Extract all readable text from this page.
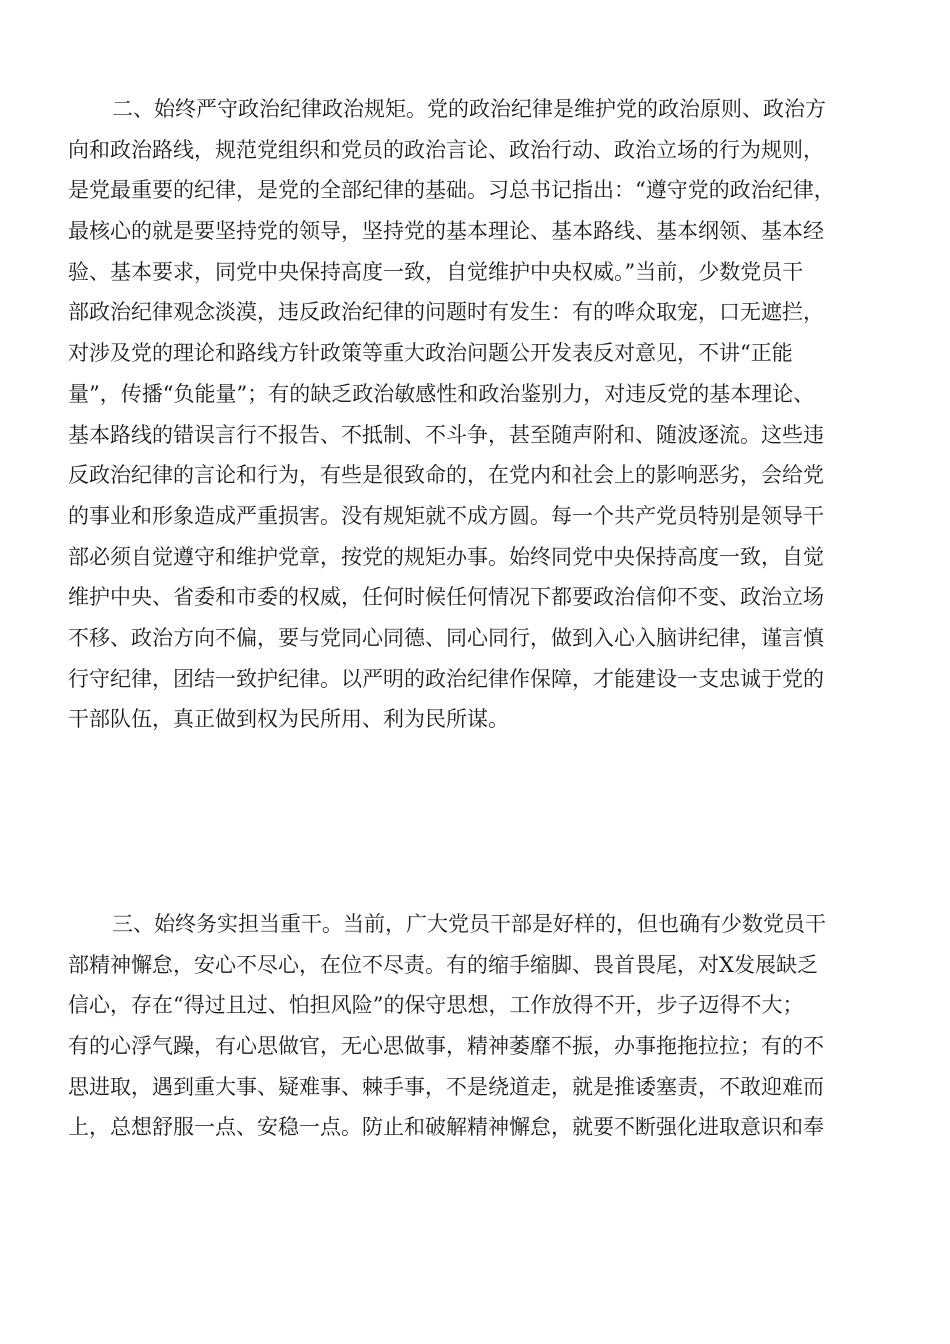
二、始终严守政治纪律政治规矩。党的政治纪律是维护党的政治原则、政治方
向和政治路线，规范党组织和党员的政治言论、政治行动、政治立场的行为规则，
是党最重要的纪律，是党的全部纪律的基础。习总书记指出：“遵守党的政治纪律，
最核心的就是要坚持党的领导，坚持党的基本理论、基本路线、基本纲领、基本经
验、基本要求，同党中央保持高度一致，自觉维护中央权威。”当前，少数党员干
部政治纪律观念淡漠，违反政治纪律的问题时有发生：有的哗众取宠，口无遮拦，
对涉及党的理论和路线方针政策等重大政治问题公开发表反对意见，不讲“正能
量”，传播“负能量”；有的缺乏政治敏感性和政治鉴别力，对违反党的基本理论、
基本路线的错误言行不报告、不抵制、不斗争，甚至随声附和、随波逐流。这些违
反政治纪律的言论和行为，有些是很致命的，在党内和社会上的影响恶劣，会给党
的事业和形象造成严重损害。没有规矩就不成方圆。每一个共产党员特别是领导干
部必须自觉遵守和维护党章，按党的规矩办事。始终同党中央保持高度一致，自觉
维护中央、省委和市委的权威，任何时候任何情况下都要政治信仰不变、政治立场
不移、政治方向不偏，要与党同心同德、同心同行，做到入心入脑讲纪律，谨言慎
行守纪律，团结一致护纪律。以严明的政治纪律作保障，才能建设一支忠诚于党的
干部队伍，真正做到权为民所用、利为民所谋。
三、始终务实担当重干。当前，广大党员干部是好样的，但也确有少数党员干
部精神懈怠，安心不尽心，在位不尽责。有的缩手缩脚、畏首畏尾，对X发展缺乏
信心，存在“得过且过、怕担风险”的保守思想，工作放得不开，步子迈得不大；
有的心浮气躁，有心思做官，无心思做事，精神萎靡不振，办事拖拖拉拉；有的不
思进取，遇到重大事、疑难事、棘手事，不是绕道走，就是推诿塞责，不敢迎难而
上，总想舒服一点、安稳一点。防止和破解精神懈怠，就要不断强化进取意识和奉
